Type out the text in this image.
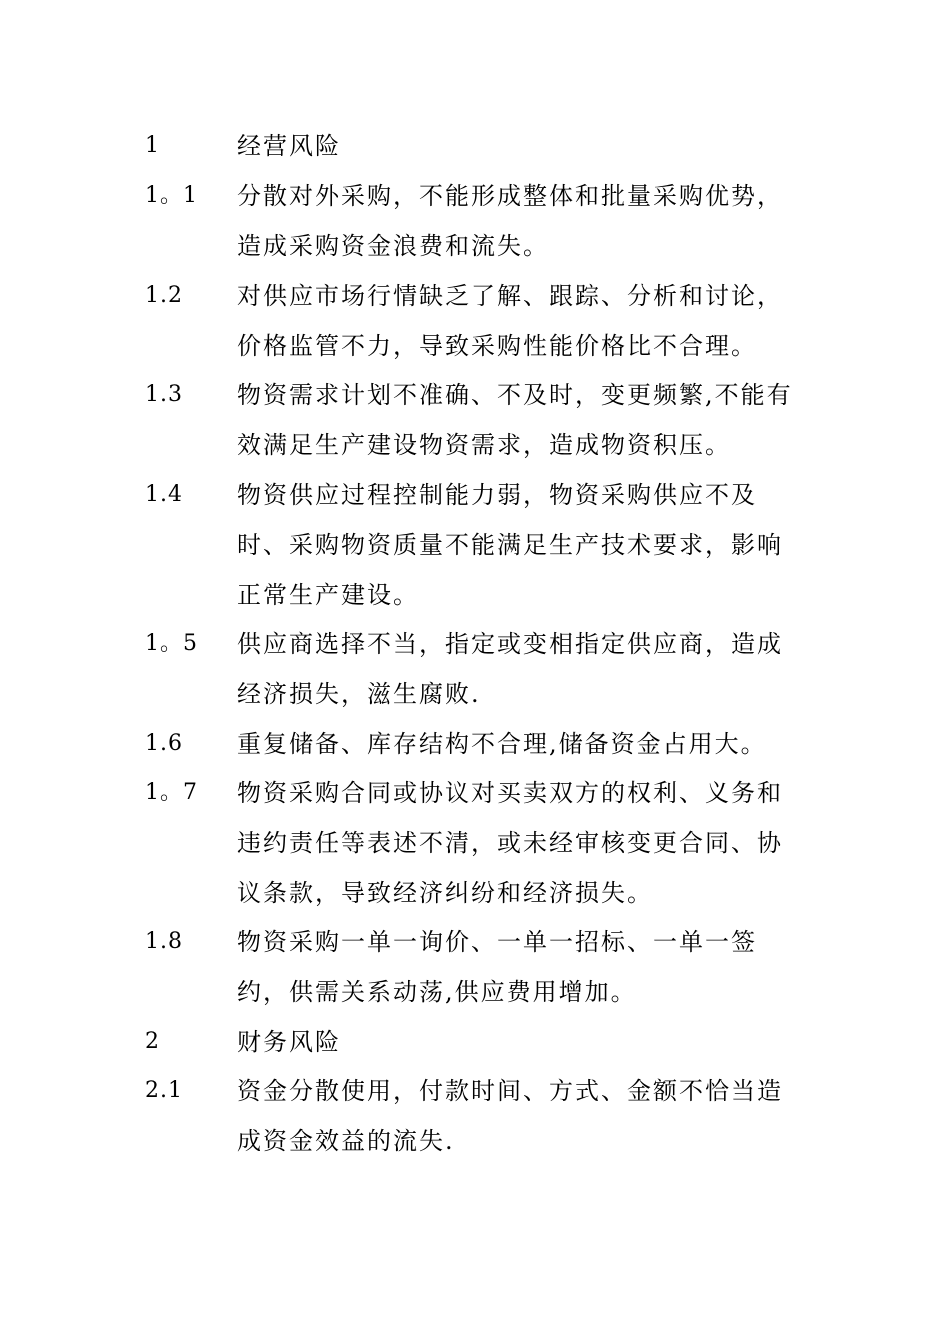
1	经营风险
1。1 分散对外采购，不能形成整体和批量采购优势，造成采购资金浪费和流失。
1.2 对供应市场行情缺乏了解、跟踪、分析和讨论，价格监管不力，导致采购性能价格比不合理。
1.3 物资需求计划不准确、不及时，变更频繁,不能有效满足生产建设物资需求，造成物资积压。
1.4 物资供应过程控制能力弱，物资采购供应不及时、采购物资质量不能满足生产技术要求，影响正常生产建设。
1。5 供应商选择不当，指定或变相指定供应商，造成经济损失，滋生腐败.
1.6 重复储备、库存结构不合理,储备资金占用大。
1。7 物资采购合同或协议对买卖双方的权利、义务和违约责任等表述不清，或未经审核变更合同、协议条款，导致经济纠纷和经济损失。
1.8 物资采购一单一询价、一单一招标、一单一签约，供需关系动荡,供应费用增加。
2	财务风险
2.1 资金分散使用，付款时间、方式、金额不恰当造成资金效益的流失.
